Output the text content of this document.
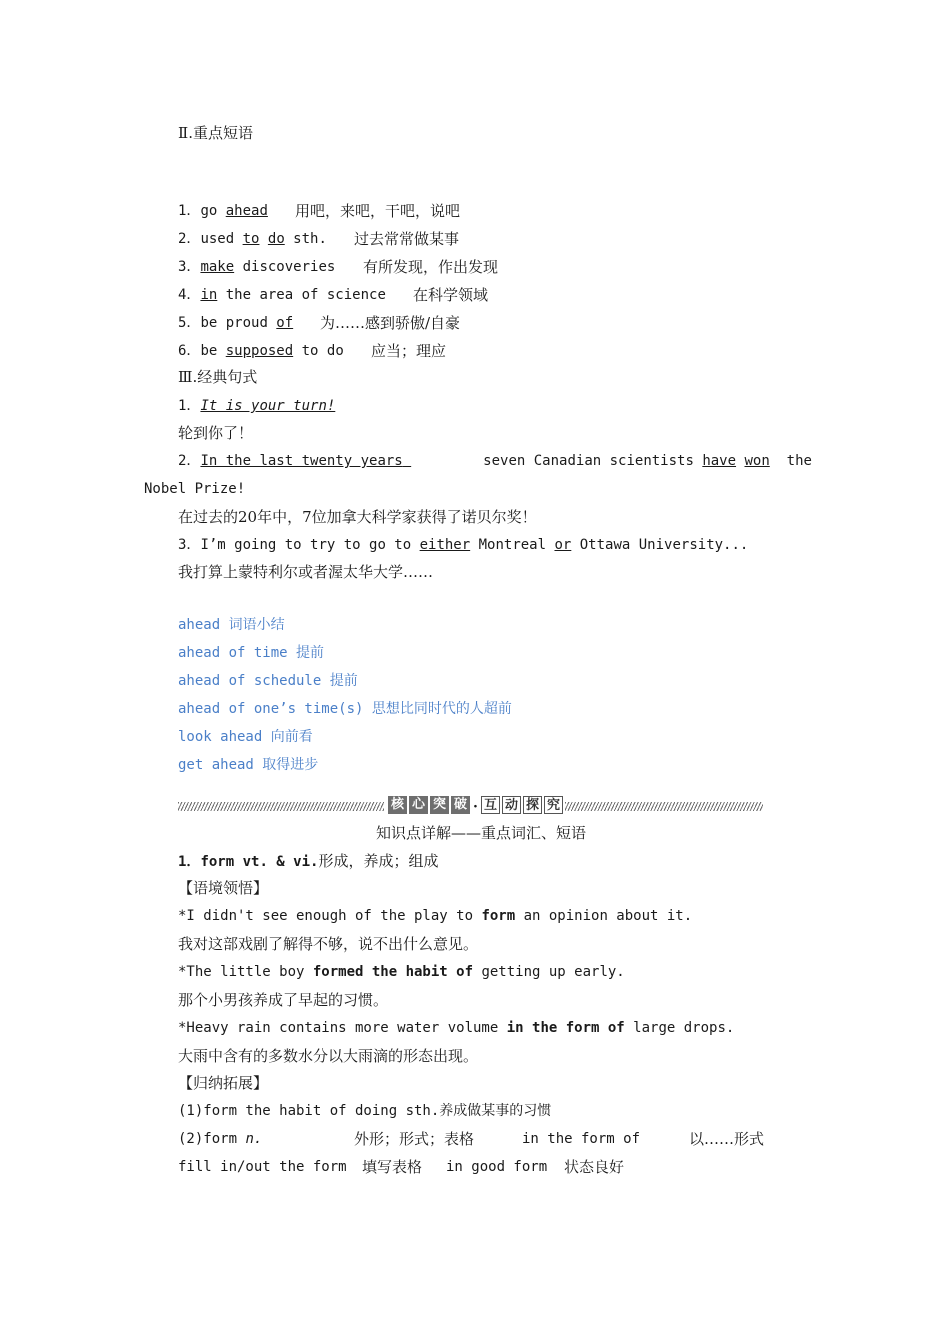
Ⅱ.重点短语
1．go ahead 用吧，来吧，干吧，说吧
2．used to do sth. 过去常常做某事
3．make discoveries 有所发现，作出发现
4．in the area of science 在科学领域
5．be proud of 为……感到骄傲/自豪
6．be supposed to do 应当；理应
Ⅲ.经典句式
1．It is your turn!
轮到你了！
2．In the last twenty years	seven Canadian scientists have won the
Nobel Prize!
在过去的20年中，7位加拿大科学家获得了诺贝尔奖！
3．I’m going to try to go to either Montreal or Ottawa University...
我打算上蒙特利尔或者渥太华大学……
ahead 词语小结
ahead of time 提前
ahead of schedule 提前
ahead of one’s time(s) 思想比同时代的人超前
look ahead 向前看
get ahead 取得进步
核 心 突 破 · 互 动 探 究
知识点详解——重点词汇、短语
1．form vt. & vi.形成，养成；组成
【语境领悟】
*I didn't see enough of the play to form an opinion about it.
我对这部戏剧了解得不够，说不出什么意见。
*The little boy formed the habit of getting up early.
那个小男孩养成了早起的习惯。
*Heavy rain contains more water volume in the form of large drops.
大雨中含有的多数水分以大雨滴的形态出现。
【归纳拓展】
(1)form the habit of doing sth.养成做某事的习惯
(2)form n.	外形；形式；表格	in the form of	以……形式
fill in/out the form 填写表格 in good form 状态良好
